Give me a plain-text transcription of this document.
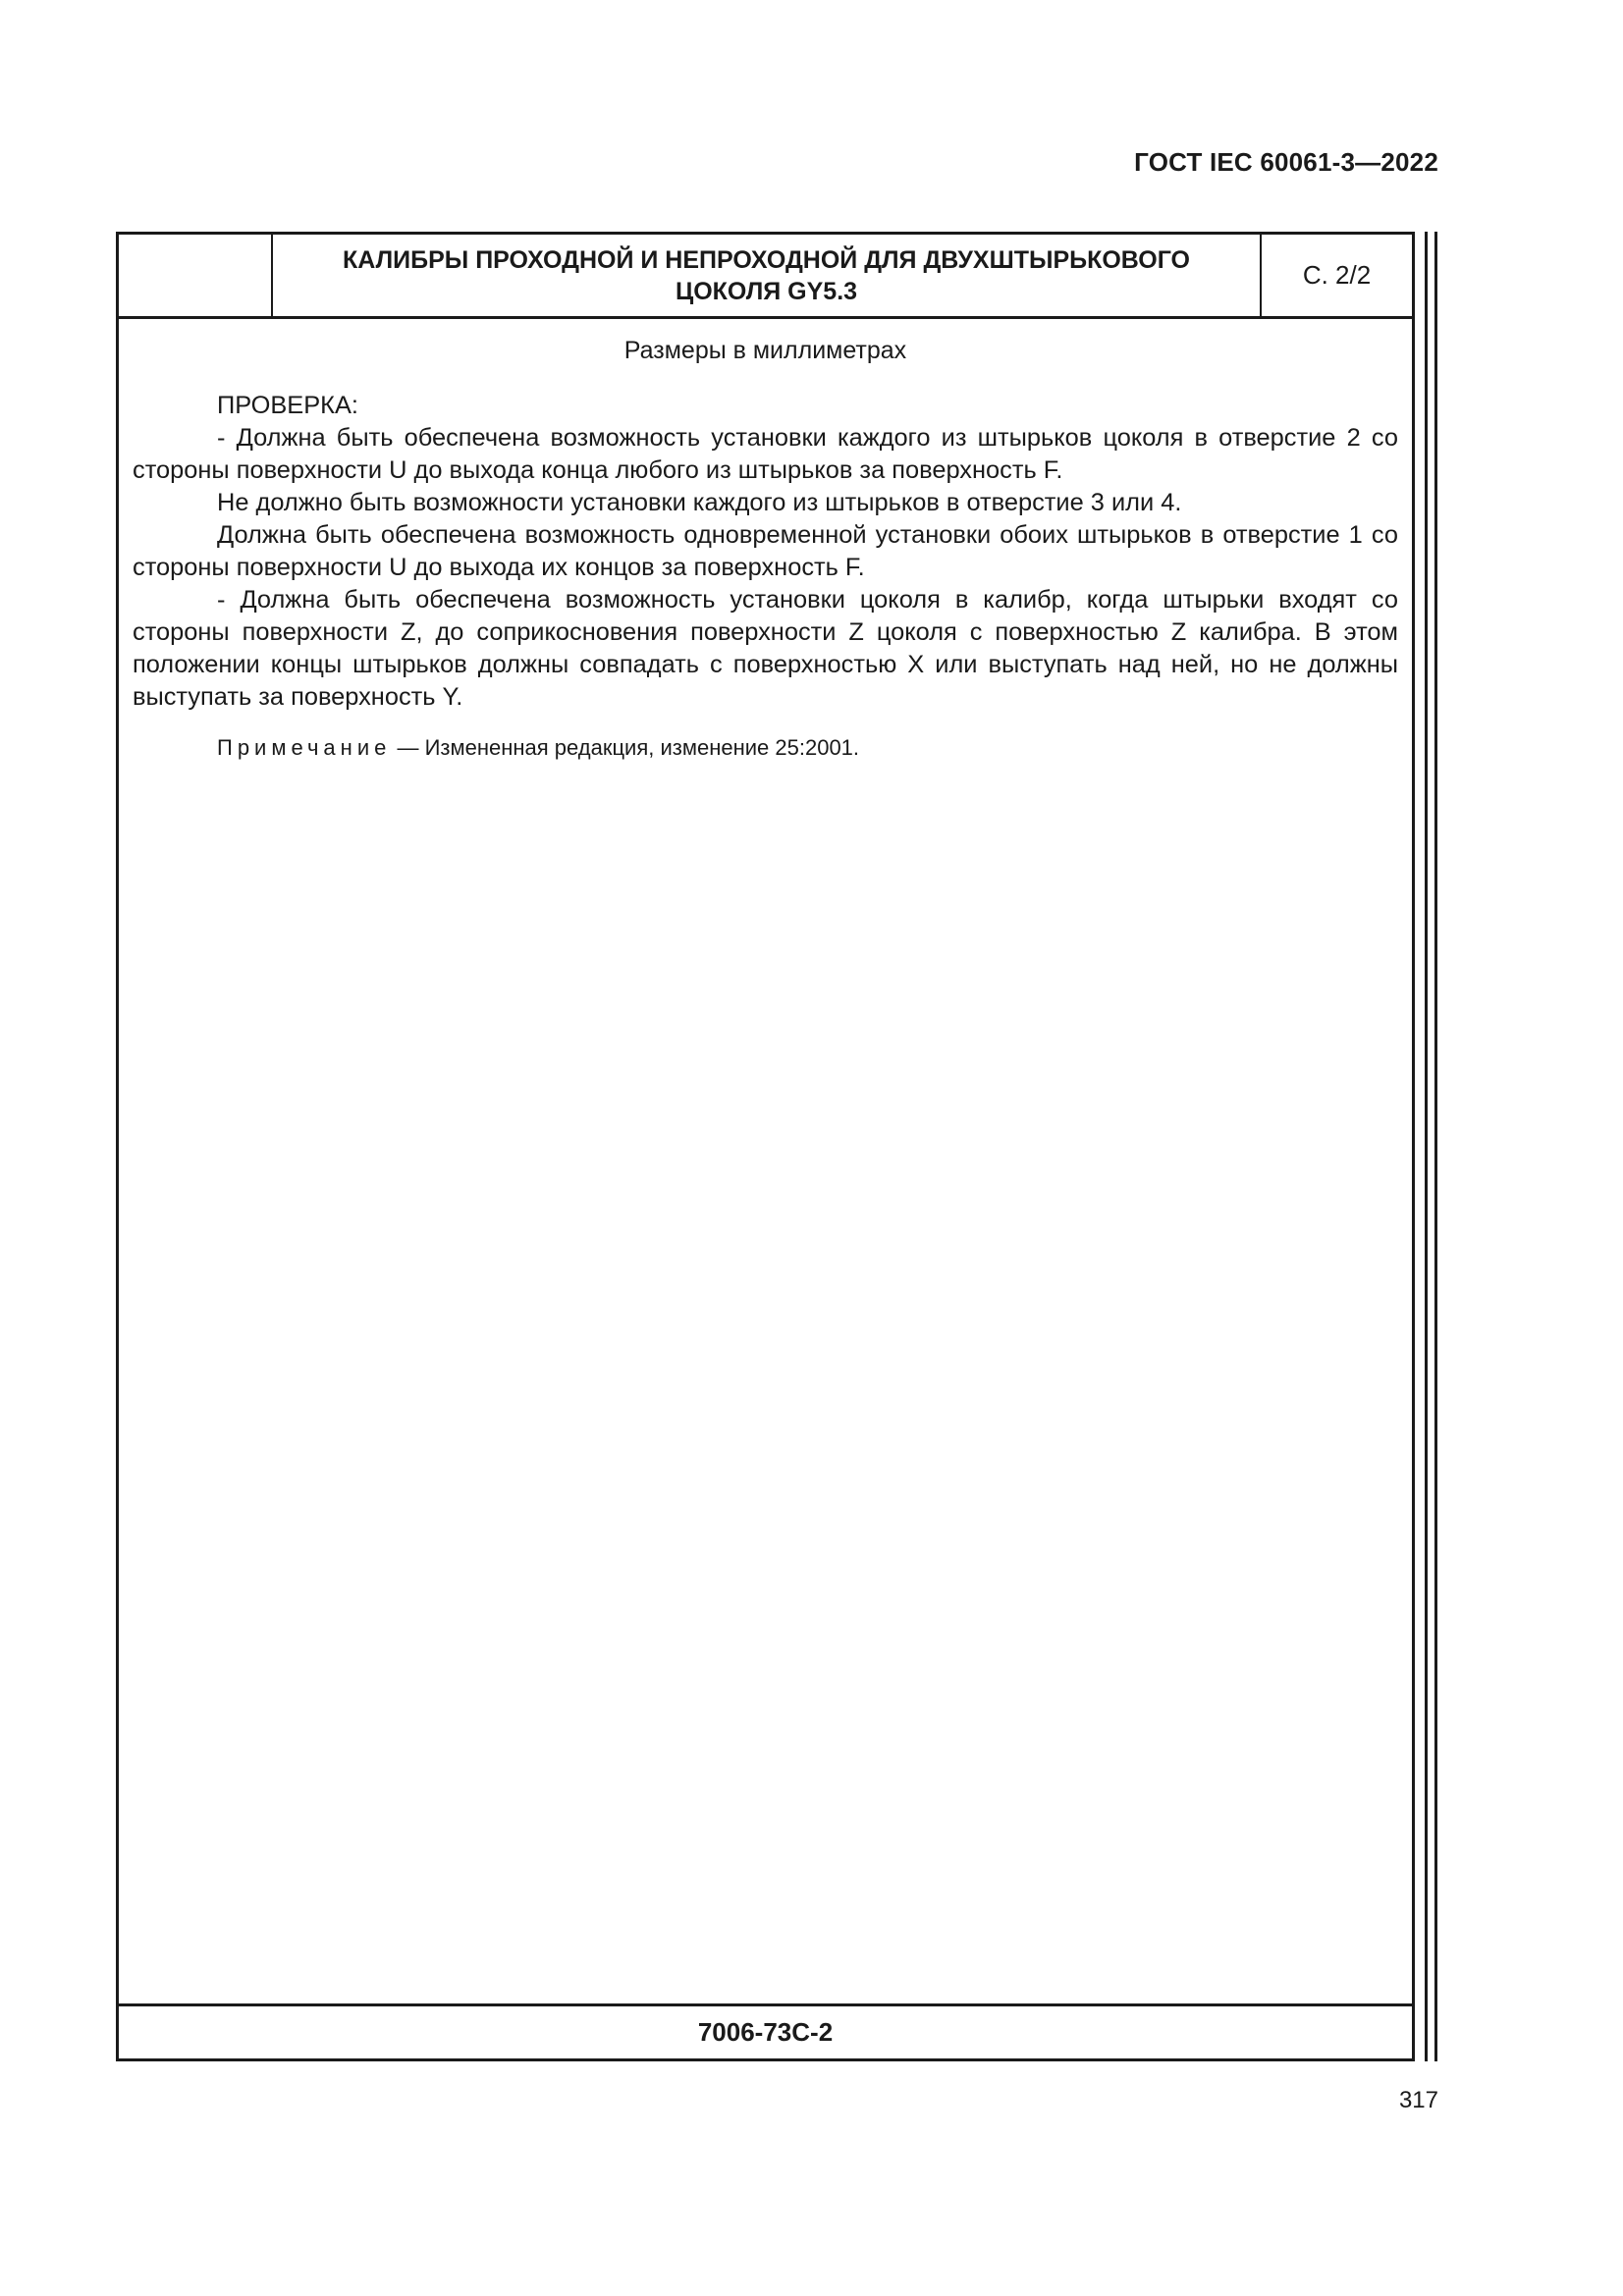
ГОСТ IEC 60061-3—2022
КАЛИБРЫ ПРОХОДНОЙ И НЕПРОХОДНОЙ ДЛЯ ДВУХШТЫРЬКОВОГО
ЦОКОЛЯ GY5.3
С. 2/2
Размеры в миллиметрах

ПРОВЕРКА:

- Должна быть обеспечена возможность установки каждого из штырьков цоколя в отверстие 2 со стороны поверхности U до выхода конца любого из штырьков за поверхность F.

Не должно быть возможности установки каждого из штырьков в отверстие 3 или 4.

Должна быть обеспечена возможность одновременной установки обоих штырьков в отверстие 1 со стороны поверхности U до выхода их концов за поверхность F.

- Должна быть обеспечена возможность установки цоколя в калибр, когда штырьки входят со стороны поверхности Z, до соприкосновения поверхности Z цоколя с поверхностью Z калибра. В этом положении концы штырьков должны совпадать с поверхностью X или выступать над ней, но не должны выступать за поверхность Y.

Примечание — Измененная редакция, изменение 25:2001.
7006-73С-2
317
